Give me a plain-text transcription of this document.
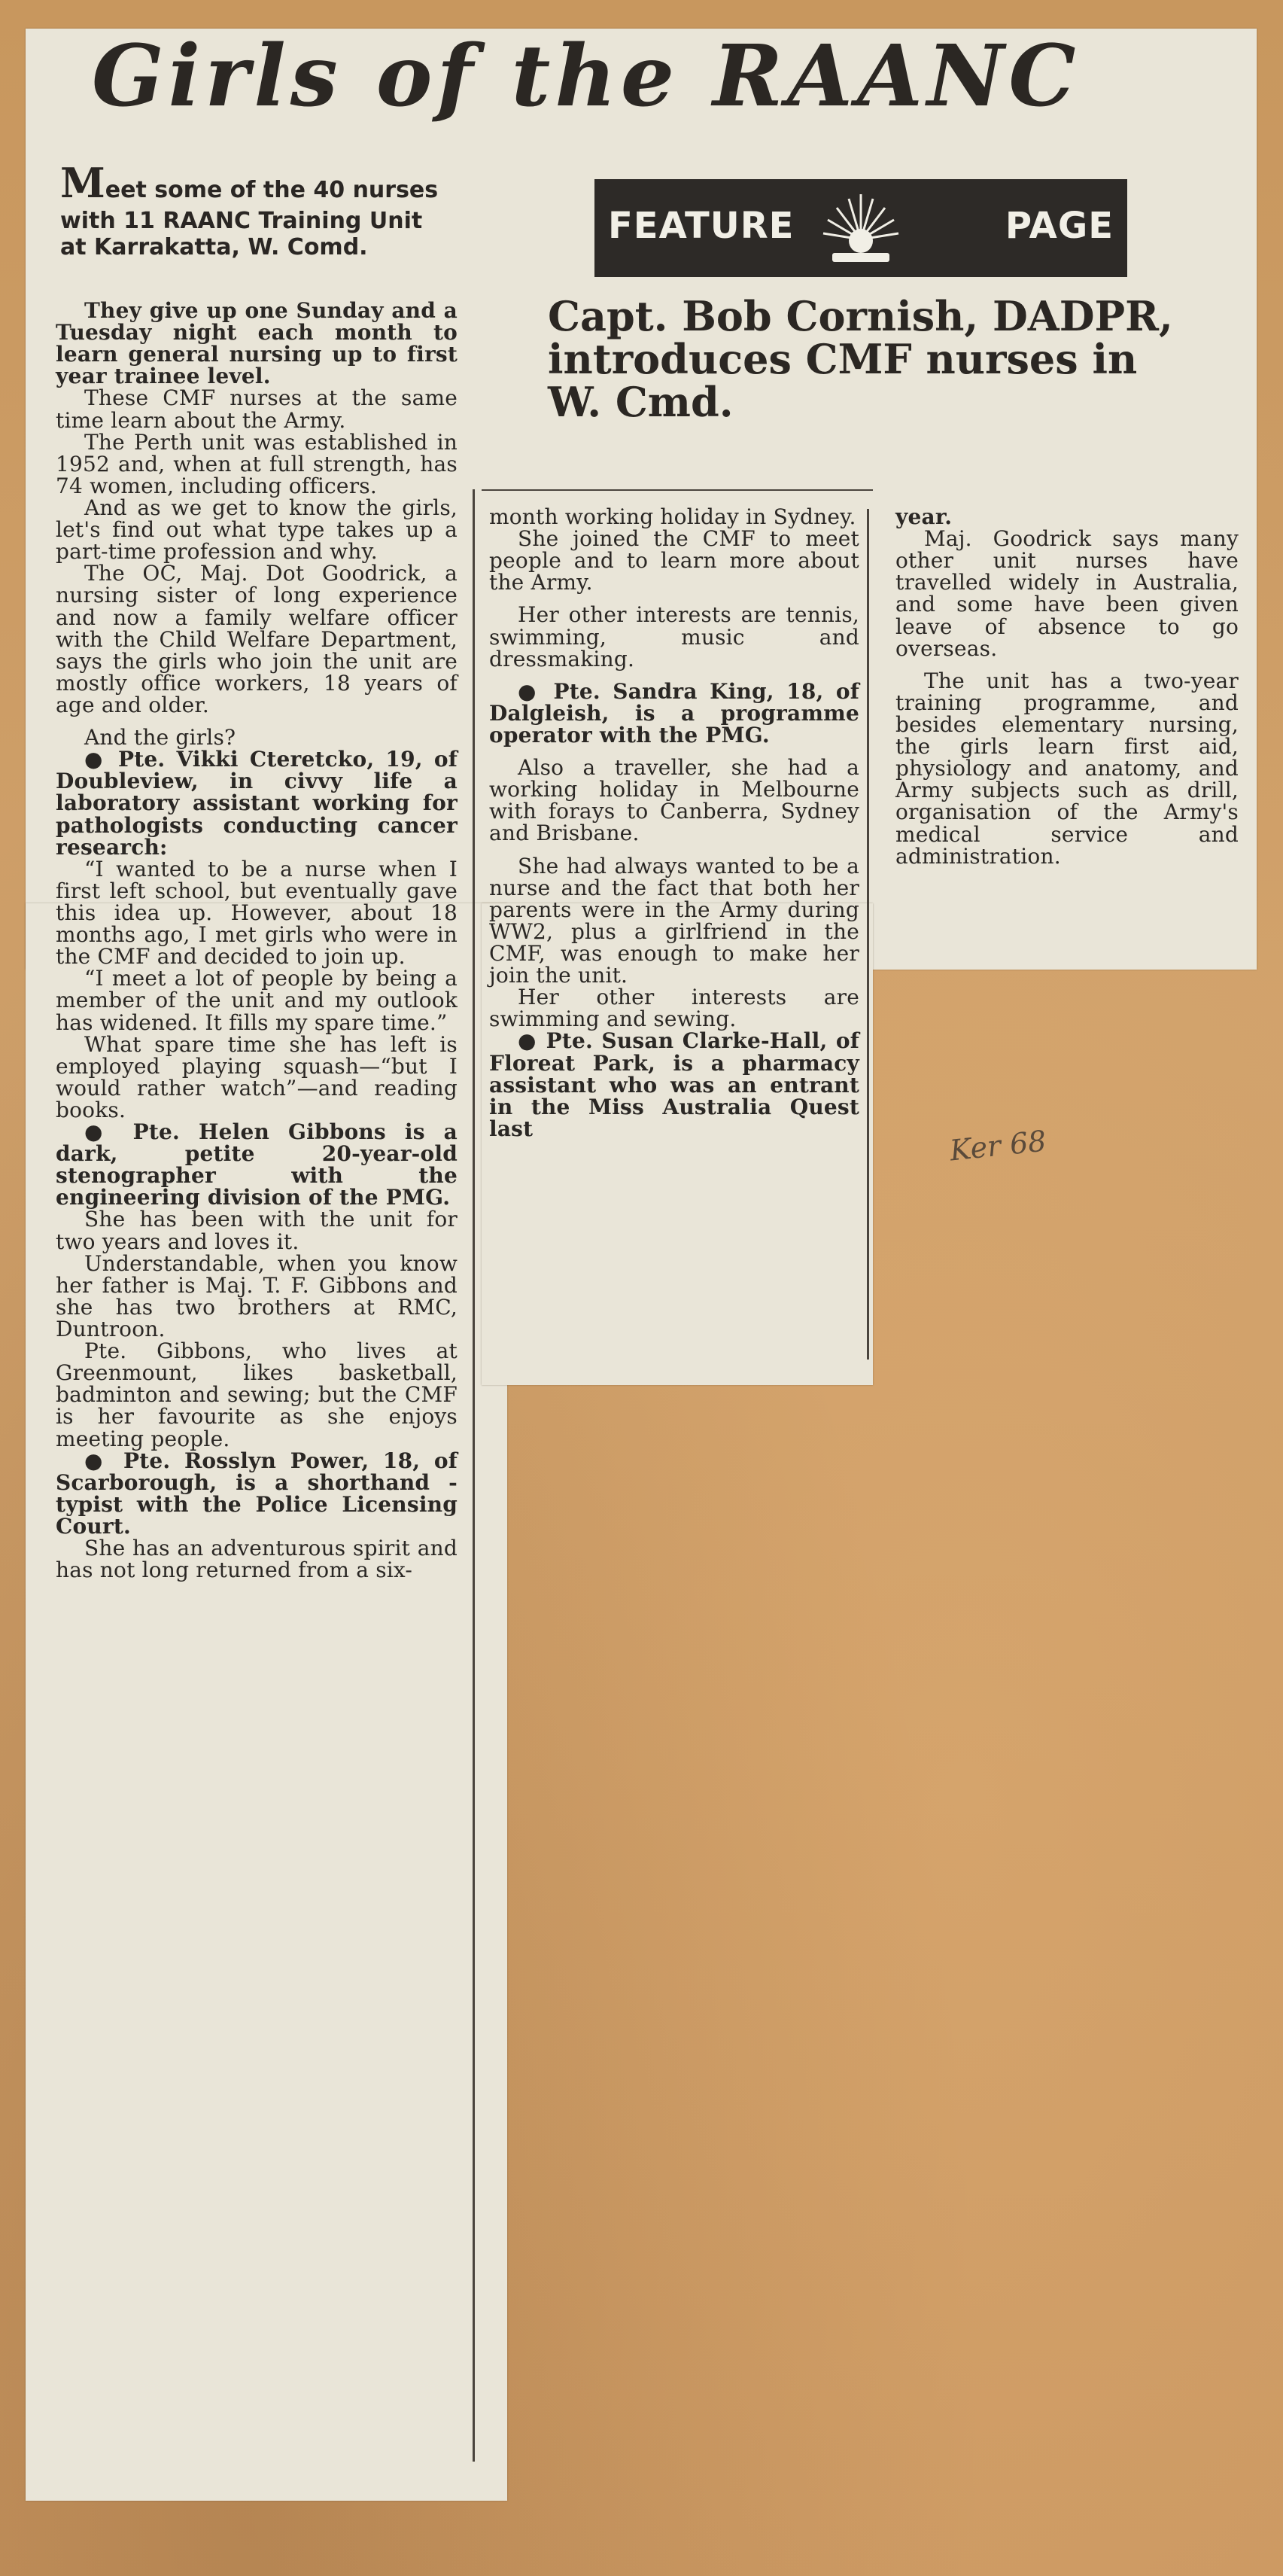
Girls of the RAANC
Meet some of the 40 nurses with 11 RAANC Training Unit at Karrakatta, W. Comd.
FEATURE	PAGE
Capt. Bob Cornish, DADPR, introduces CMF nurses in W. Cmd.

They give up one Sunday and a Tuesday night each month to learn general nursing up to first year trainee level.

These CMF nurses at the same time learn about the Army.

The Perth unit was established in 1952 and, when at full strength, has 74 women, including officers.

And as we get to know the girls, let's find out what type takes up a part-time profession and why.

The OC, Maj. Dot Goodrick, a nursing sister of long experience and now a family welfare officer with the Child Welfare Department, says the girls who join the unit are mostly office workers, 18 years of age and older.

And the girls?

● Pte. Vikki Cteretcko, 19, of Doubleview, in civvy life a laboratory assistant working for pathologists conducting cancer research:

“I wanted to be a nurse when I first left school, but eventually gave this idea up. However, about 18 months ago, I met girls who were in the CMF and decided to join up.

“I meet a lot of people by being a member of the unit and my outlook has widened. It fills my spare time.”

What spare time she has left is employed playing squash—“but I would rather watch”—and reading books.

● Pte. Helen Gibbons is a dark, petite 20-year-old stenographer with the engineering division of the PMG.

She has been with the unit for two years and loves it.

Understandable, when you know her father is Maj. T. F. Gibbons and she has two brothers at RMC, Duntroon.

Pte. Gibbons, who lives at Greenmount, likes basketball, badminton and sewing; but the CMF is her favourite as she enjoys meeting people.

● Pte. Rosslyn Power, 18, of Scarborough, is a shorthand - typist with the Police Licensing Court.

She has an adventurous spirit and has not long returned from a six-

month working holiday in Sydney.

She joined the CMF to meet people and to learn more about the Army.

Her other interests are tennis, swimming, music and dressmaking.

● Pte. Sandra King, 18, of Dalgleish, is a programme operator with the PMG.

Also a traveller, she had a working holiday in Melbourne with forays to Canberra, Sydney and Brisbane.

She had always wanted to be a nurse and the fact that both her parents were in the Army during WW2, plus a girlfriend in the CMF, was enough to make her join the unit.

Her other interests are swimming and sewing.

● Pte. Susan Clarke-Hall, of Floreat Park, is a pharmacy assistant who was an entrant in the Miss Australia Quest last

year.

Maj. Goodrick says many other unit nurses have travelled widely in Australia, and some have been given leave of absence to go overseas.

The unit has a two-year training programme, and besides elementary nursing, the girls learn first aid, physiology and anatomy, and Army subjects such as drill, organisation of the Army's medical service and administration.

Ker 68
